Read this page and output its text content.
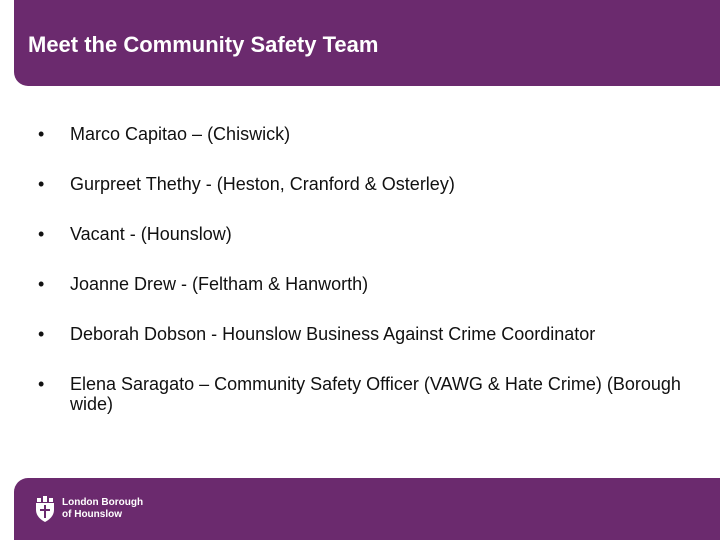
Meet the Community Safety Team
•	Marco Capitao – (Chiswick)
•	Gurpreet Thethy - (Heston, Cranford & Osterley)
•	Vacant - (Hounslow)
•	Joanne Drew - (Feltham & Hanworth)
•	Deborah Dobson - Hounslow Business Against Crime Coordinator
•	Elena Saragato – Community Safety Officer (VAWG & Hate Crime) (Borough wide)
London Borough
of Hounslow
